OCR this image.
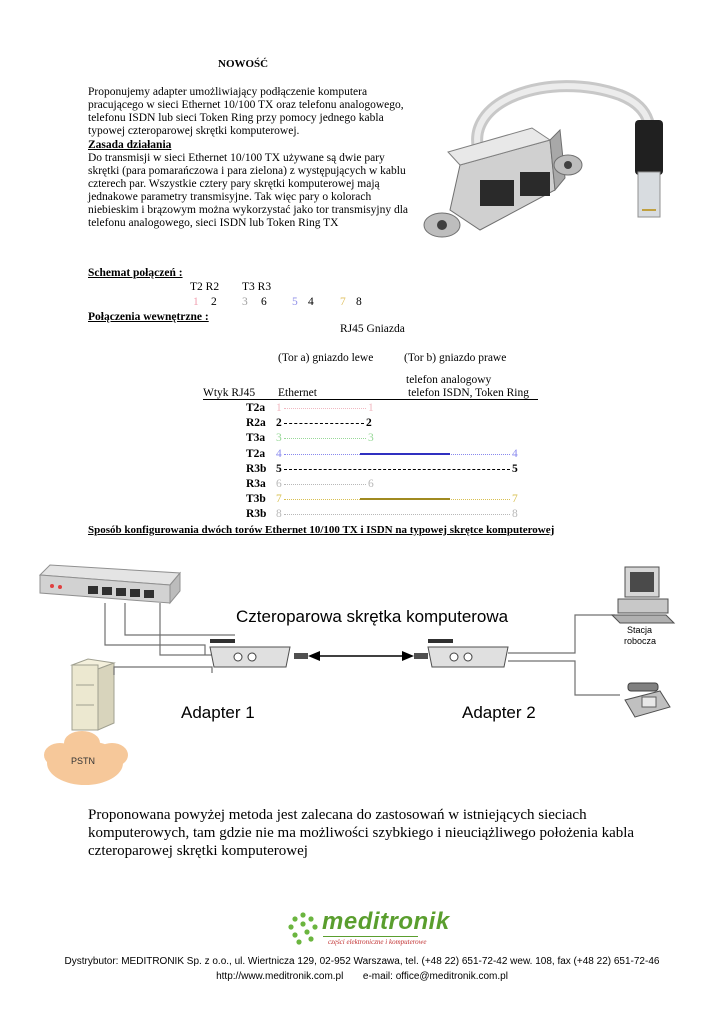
NOWOŚĆ
Proponujemy adapter umożliwiający podłączenie komputera pracującego w sieci Ethernet 10/100 TX oraz telefonu analogowego, telefonu ISDN lub sieci Token Ring przy pomocy jednego kabla typowej czteroparowej skrętki komputerowej.
Zasada działania
Do transmisji w sieci Ethernet 10/100 TX używane są dwie pary skrętki (para pomarańczowa i para zielona) z występujących w kablu czterech par. Wszystkie cztery pary skrętki komputerowej mają jednakowe parametry transmisyjne. Tak więc pary o kolorach niebieskim i brązowym można wykorzystać jako tor transmisyjny dla telefonu analogowego, sieci ISDN lub Token Ring TX
Schemat połączeń :
T2 R2 T3 R3
1 2 3 6 5 4 7 8
Połączenia wewnętrzne :
RJ45 Gniazda
(Tor a) gniazdo lewe	(Tor b) gniazdo prawe
telefon analogowy
Wtyk RJ45 Ethernet	telefon ISDN, Token Ring
T2a 1	1
R2a 2	2
T3a 3	3
T2a 4	4
R3b 5	5
R3a 6	6
T3b 7	7
R3b 8	8
Sposób konfigurowania dwóch torów Ethernet 10/100 TX i ISDN na typowej skrętce komputerowej
Czteroparowa skrętka komputerowa
Adapter 1	Adapter 2
PSTN
Stacja
robocza
Proponowana powyżej metoda jest zalecana do zastosowań w istniejących sieciach komputerowych, tam gdzie nie ma możliwości szybkiego i nieuciążliwego położenia kabla czteroparowej skrętki komputerowej
meditronik
części elektroniczne i komputerowe
Dystrybutor: MEDITRONIK Sp. z o.o., ul. Wiertnicza 129, 02-952 Warszawa, tel. (+48 22) 651-72-42 wew. 108, fax (+48 22) 651-72-46
http://www.meditronik.com.pl e-mail: office@meditronik.com.pl
